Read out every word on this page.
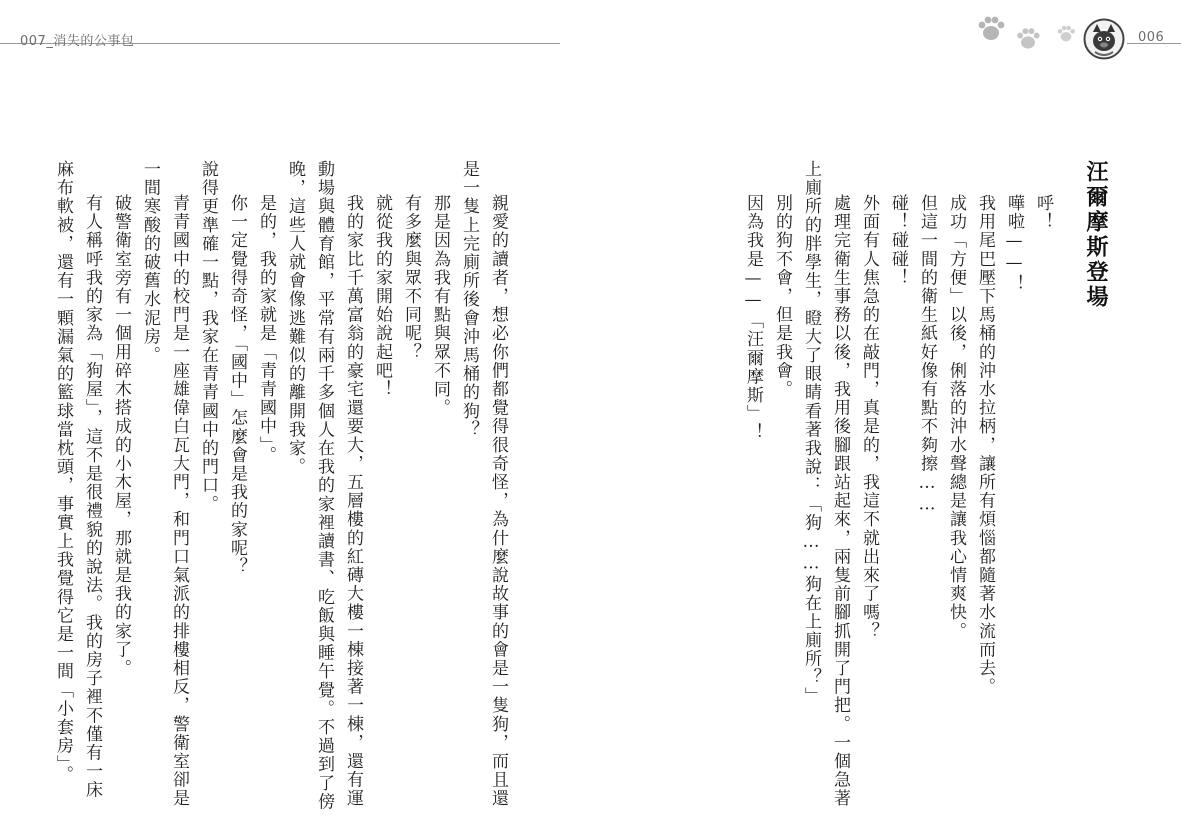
007_消失的公事包	006
汪爾摩斯登場
呼！
嘩啦——！
我用尾巴壓下馬桶的沖水拉柄，讓所有煩惱都隨著水流而去。
成功「方便」以後，俐落的沖水聲總是讓我心情爽快。
但這一間的衛生紙好像有點不夠擦……
碰！碰碰！
外面有人焦急的在敲門，真是的，我這不就出來了嗎？
處理完衛生事務以後，我用後腳跟站起來，兩隻前腳抓開了門把。一個急著
上廁所的胖學生，瞪大了眼睛看著我說：「狗……狗在上廁所？」
別的狗不會，但是我會。
因為我是——「汪爾摩斯」！
親愛的讀者，想必你們都覺得很奇怪，為什麼說故事的會是一隻狗，而且還
是一隻上完廁所後會沖馬桶的狗？
那是因為我有點與眾不同。
有多麼與眾不同呢？
就從我的家開始說起吧！
我的家比千萬富翁的豪宅還要大，五層樓的紅磚大樓一棟接著一棟，還有運
動場與體育館，平常有兩千多個人在我的家裡讀書、吃飯與睡午覺。不過到了傍
晚，這些人就會像逃難似的離開我家。
是的，我的家就是「青青國中」。
你一定覺得奇怪，「國中」怎麼會是我的家呢？
說得更準確一點，我家在青青國中的門口。
青青國中的校門是一座雄偉白瓦大門，和門口氣派的排樓相反，警衛室卻是
一間寒酸的破舊水泥房。
破警衛室旁有一個用碎木搭成的小木屋，那就是我的家了。
有人稱呼我的家為「狗屋」，這不是很禮貌的說法。我的房子裡不僅有一床
麻布軟被，還有一顆漏氣的籃球當枕頭，事實上我覺得它是一間「小套房」。
